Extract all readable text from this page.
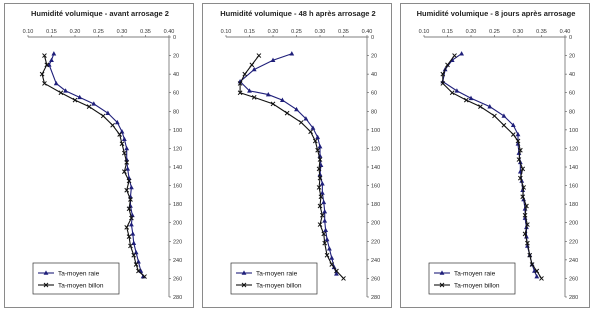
Humidité volumique - avant arrosage 2
0.10 0.15 0.20 0.25 0.30 0.35 0.40
0
20
40
60
80
100
120
140
160
180
200
220
240
260
280
Ta-moyen raie
Ta-moyen billon
Humidité volumique - 48 h après arrosage 2
0.10 0.15 0.20 0.25 0.30 0.35 0.40
0
20
40
60
80
100
120
140
160
180
200
220
240
260
280
Ta-moyen raie
Ta-moyen billon
Humidité volumique - 8 jours après arrosage
0.10 0.15 0.20 0.25 0.30 0.35 0.40
0
20
40
60
80
100
120
140
160
180
200
220
240
260
280
Ta-moyen raie
Ta-moyen billon
